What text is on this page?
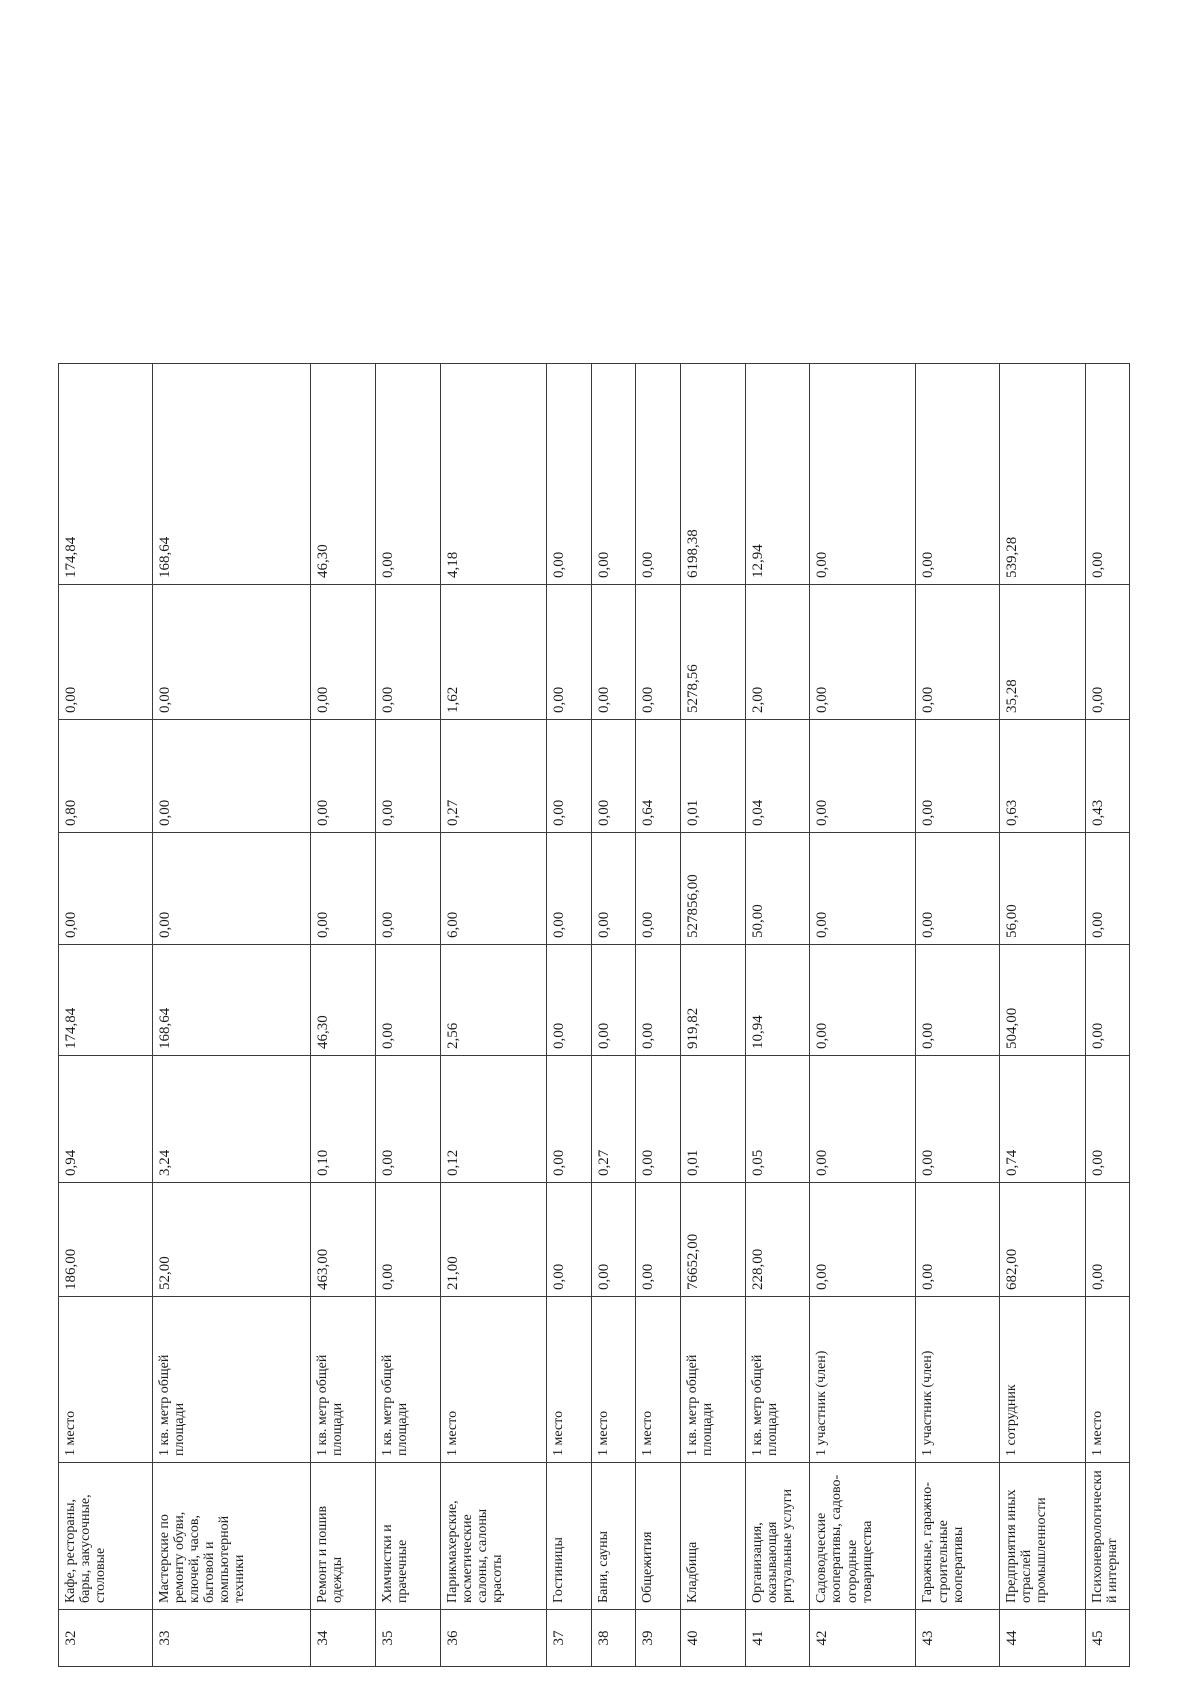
32	Кафе, рестораны, бары, закусочные, столовые	1 место	186,00	0,94	174,84	0,00	0,80	0,00	174,84
33	Мастерские по ремонту обуви, ключей, часов, бытовой и компьютерной техники	1 кв. метр общей площади	52,00	3,24	168,64	0,00	0,00	0,00	168,64
34	Ремонт и пошив одежды	1 кв. метр общей площади	463,00	0,10	46,30	0,00	0,00	0,00	46,30
35	Химчистки и прачечные	1 кв. метр общей площади	0,00	0,00	0,00	0,00	0,00	0,00	0,00
36	Парикмахерские, косметические салоны, салоны красоты	1 место	21,00	0,12	2,56	6,00	0,27	1,62	4,18
37	Гостиницы	1 место	0,00	0,00	0,00	0,00	0,00	0,00	0,00
38	Бани, сауны	1 место	0,00	0,27	0,00	0,00	0,00	0,00	0,00
39	Общежития	1 место	0,00	0,00	0,00	0,00	0,64	0,00	0,00
40	Кладбища	1 кв. метр общей площади	76652,00	0,01	919,82	527856,00	0,01	5278,56	6198,38
41	Организация, оказывающая ритуальные услуги	1 кв. метр общей площади	228,00	0,05	10,94	50,00	0,04	2,00	12,94
42	Садоводческие кооперативы, садово-огородные товарищества	1 участник (член)	0,00	0,00	0,00	0,00	0,00	0,00	0,00
43	Гаражные, гаражно-строительные кооперативы	1 участник (член)	0,00	0,00	0,00	0,00	0,00	0,00	0,00
44	Предприятия иных отраслей промышленности	1 сотрудник	682,00	0,74	504,00	56,00	0,63	35,28	539,28
45	Психоневрологический интернат	1 место	0,00	0,00	0,00	0,00	0,43	0,00	0,00
